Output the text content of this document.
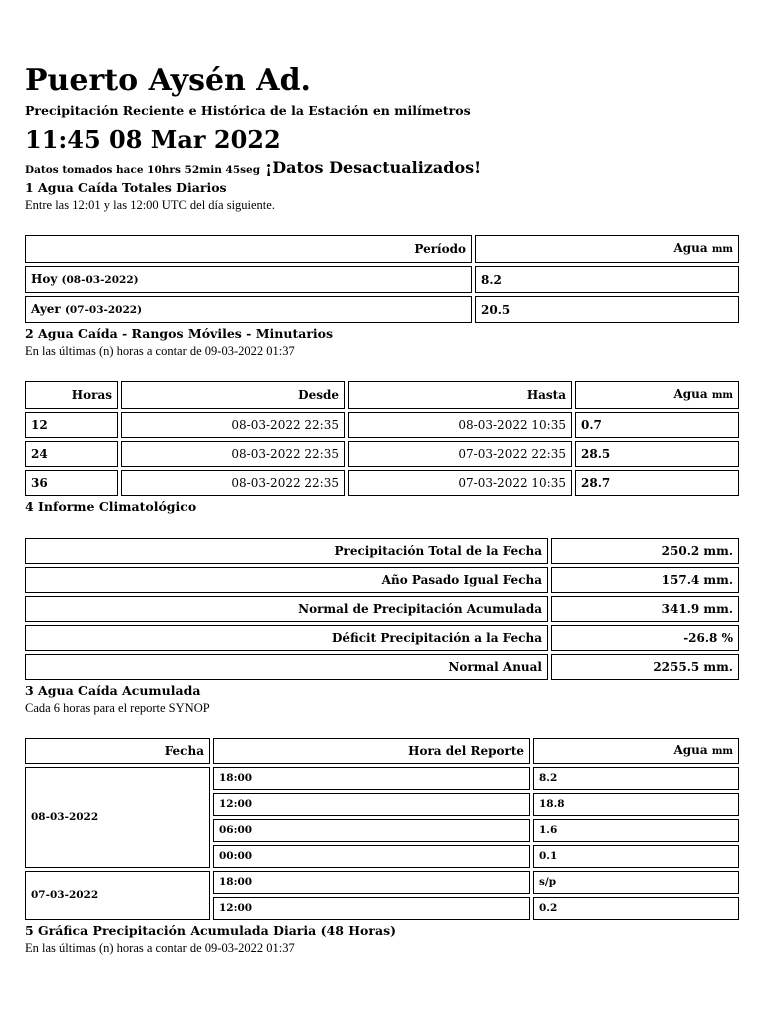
Puerto Aysén Ad.

Precipitación Reciente e Histórica de la Estación en milímetros

11:45 08 Mar 2022

Datos tomados hace 10hrs 52min 45seg ¡Datos Desactualizados!

1 Agua Caída Totales Diarios

Entre las 12:01 y las 12:00 UTC del día siguiente.

Período	Agua mm
Hoy (08-03-2022)	8.2
Ayer (07-03-2022)	20.5

2 Agua Caída - Rangos Móviles - Minutarios

En las últimas (n) horas a contar de 09-03-2022 01:37

Horas	Desde	Hasta	Agua mm
12	08-03-2022 22:35	08-03-2022 10:35	0.7
24	08-03-2022 22:35	07-03-2022 22:35	28.5
36	08-03-2022 22:35	07-03-2022 10:35	28.7

4 Informe Climatológico

Precipitación Total de la Fecha	250.2 mm.
Año Pasado Igual Fecha	157.4 mm.
Normal de Precipitación Acumulada	341.9 mm.
Déficit Precipitación a la Fecha	-26.8 %
Normal Anual	2255.5 mm.

3 Agua Caída Acumulada

Cada 6 horas para el reporte SYNOP

Fecha	Hora del Reporte	Agua mm
08-03-2022	18:00	8.2
	12:00	18.8
	06:00	1.6
	00:00	0.1
07-03-2022	18:00	s/p
	12:00	0.2

5 Gráfica Precipitación Acumulada Diaria (48 Horas)

En las últimas (n) horas a contar de 09-03-2022 01:37
